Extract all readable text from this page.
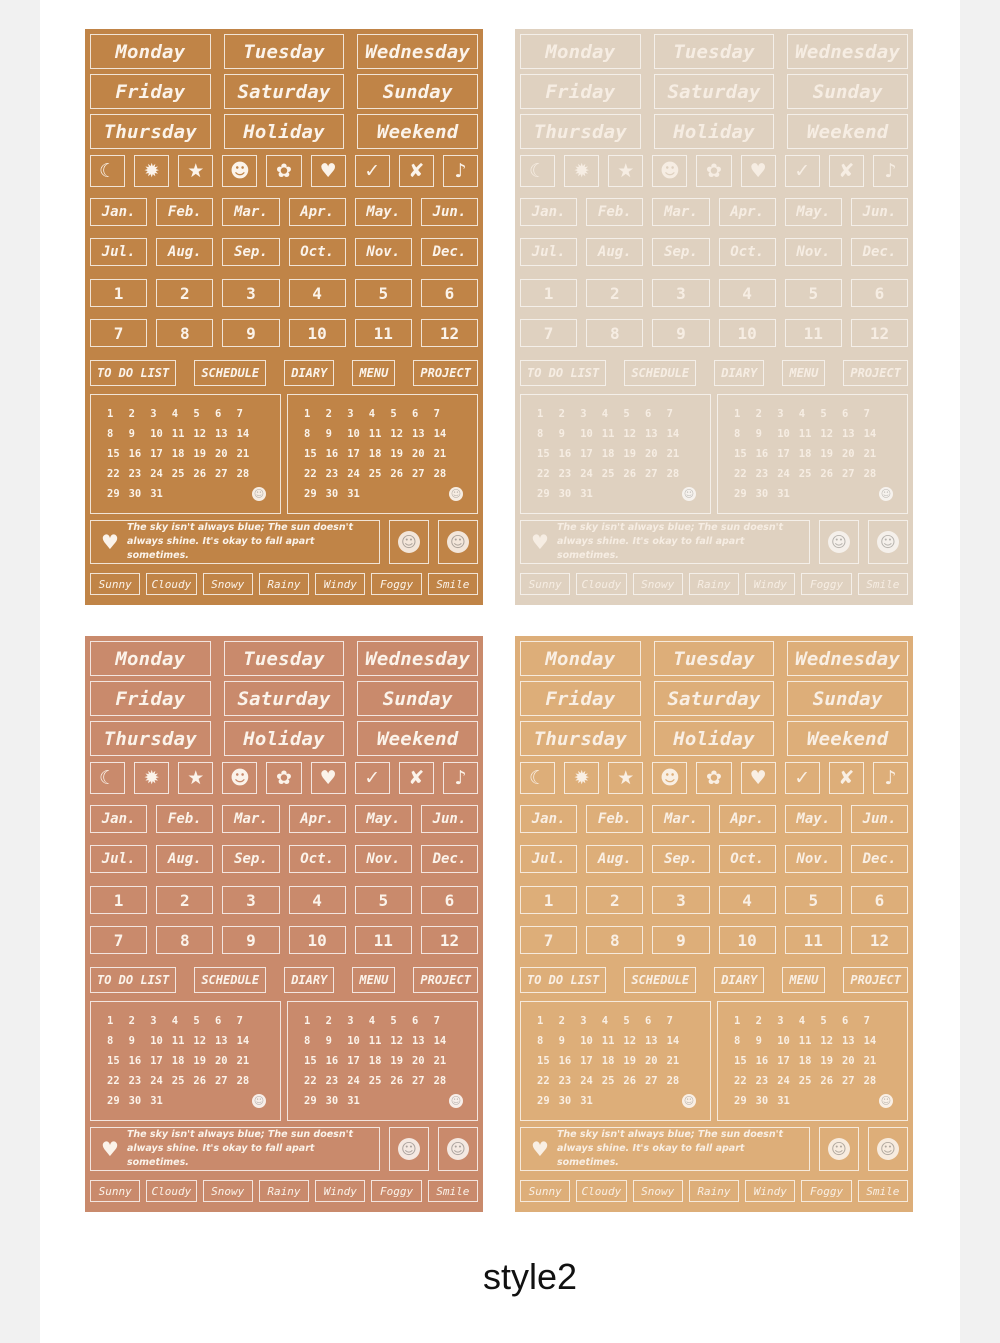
Monday	Tuesday	Wednesday
Friday	Saturday	Sunday
Thursday	Holiday	Weekend
☾	✹	★	☻	✿	♥	✓	✘	♪
Jan.	Feb.	Mar.	Apr.	May.	Jun.
Jul.	Aug.	Sep.	Oct.	Nov.	Dec.
1	2	3	4	5	6
7	8	9	10	11	12
TO DO LIST	SCHEDULE	DIARY	MENU	PROJECT
1	2	3	4	5	6	7
8	9	10 11 12 13 14
15 16 17 18 19 20 21
22 23 24 25 26 27 28
29 30 31	☺
1	2	3	4	5	6	7
8	9	10 11 12 13 14
15 16 17 18 19 20 21
22 23 24 25 26 27 28
29 30 31	☺
♥
The sky isn't always blue; The sun doesn't always shine. It's okay to fall apart sometimes.
☺ ☺
Sunny	Cloudy	Snowy	Rainy	Windy	Foggy	Smile
Monday	Tuesday	Wednesday
Friday	Saturday	Sunday
Thursday	Holiday	Weekend
☾	✹	★	☻	✿	♥	✓	✘	♪
Jan.	Feb.	Mar.	Apr.	May.	Jun.
Jul.	Aug.	Sep.	Oct.	Nov.	Dec.
1	2	3	4	5	6
7	8	9	10	11	12
TO DO LIST	SCHEDULE	DIARY	MENU	PROJECT
1	2	3	4	5	6	7
8	9	10 11 12 13 14
15 16 17 18 19 20 21
22 23 24 25 26 27 28
29 30 31	☺
1	2	3	4	5	6	7
8	9	10 11 12 13 14
15 16 17 18 19 20 21
22 23 24 25 26 27 28
29 30 31	☺
♥
The sky isn't always blue; The sun doesn't always shine. It's okay to fall apart sometimes.
☺ ☺
Sunny	Cloudy	Snowy	Rainy	Windy	Foggy	Smile
Monday	Tuesday	Wednesday
Friday	Saturday	Sunday
Thursday	Holiday	Weekend
☾	✹	★	☻	✿	♥	✓	✘	♪
Jan.	Feb.	Mar.	Apr.	May.	Jun.
Jul.	Aug.	Sep.	Oct.	Nov.	Dec.
1	2	3	4	5	6
7	8	9	10	11	12
TO DO LIST	SCHEDULE	DIARY	MENU	PROJECT
1	2	3	4	5	6	7
8	9	10 11 12 13 14
15 16 17 18 19 20 21
22 23 24 25 26 27 28
29 30 31	☺
1	2	3	4	5	6	7
8	9	10 11 12 13 14
15 16 17 18 19 20 21
22 23 24 25 26 27 28
29 30 31	☺
♥
The sky isn't always blue; The sun doesn't always shine. It's okay to fall apart sometimes.
☺ ☺
Sunny	Cloudy	Snowy	Rainy	Windy	Foggy	Smile
Monday	Tuesday	Wednesday
Friday	Saturday	Sunday
Thursday	Holiday	Weekend
☾	✹	★	☻	✿	♥	✓	✘	♪
Jan.	Feb.	Mar.	Apr.	May.	Jun.
Jul.	Aug.	Sep.	Oct.	Nov.	Dec.
1	2	3	4	5	6
7	8	9	10	11	12
TO DO LIST	SCHEDULE	DIARY	MENU	PROJECT
1	2	3	4	5	6	7
8	9	10 11 12 13 14
15 16 17 18 19 20 21
22 23 24 25 26 27 28
29 30 31	☺
1	2	3	4	5	6	7
8	9	10 11 12 13 14
15 16 17 18 19 20 21
22 23 24 25 26 27 28
29 30 31	☺
♥
The sky isn't always blue; The sun doesn't always shine. It's okay to fall apart sometimes.
☺ ☺
Sunny	Cloudy	Snowy	Rainy	Windy	Foggy	Smile
style2
